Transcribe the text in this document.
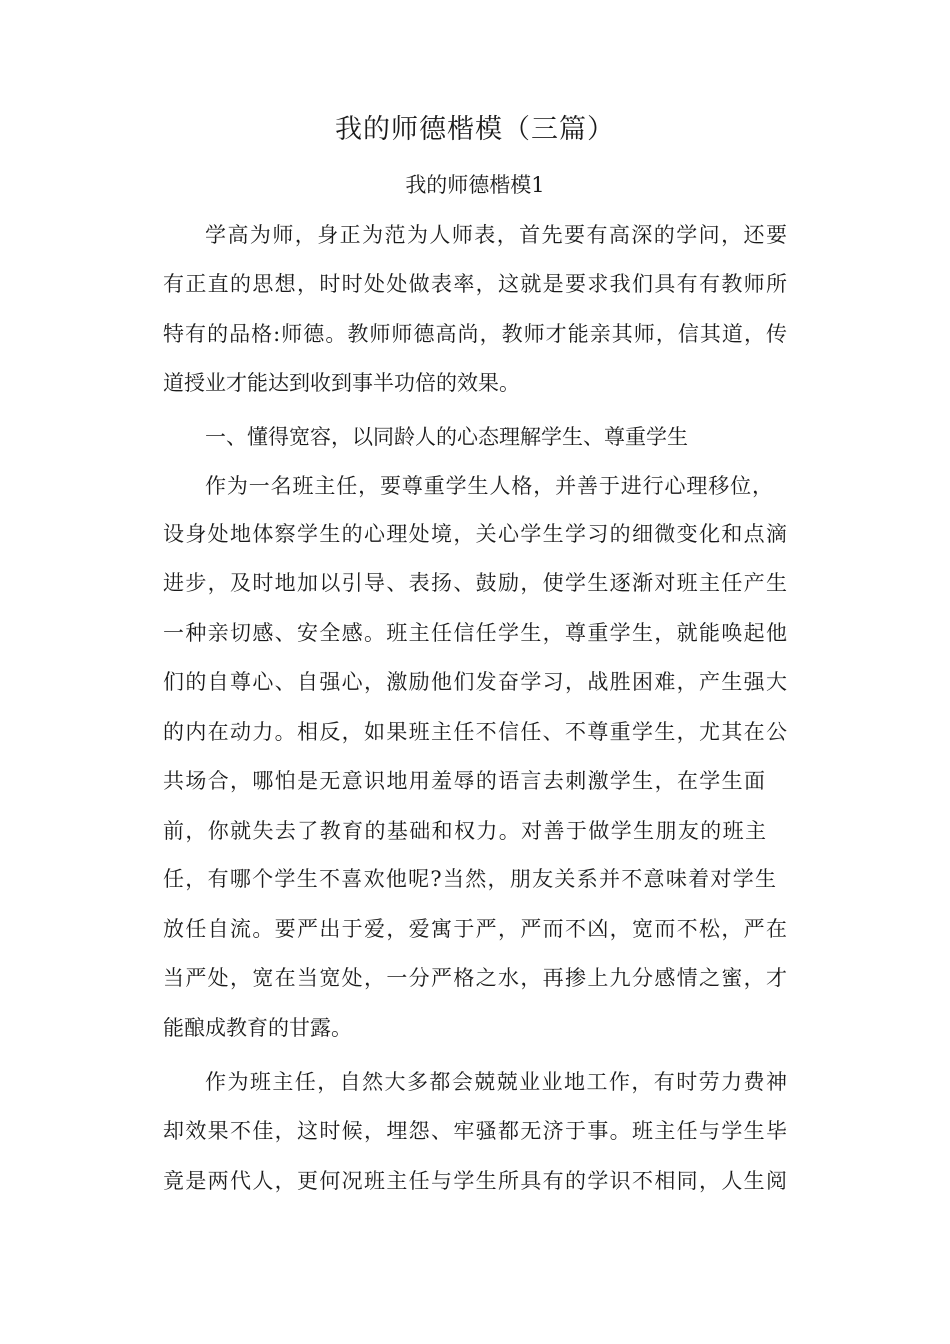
我的师德楷模（三篇）
我的师德楷模1
学高为师，身正为范为人师表，首先要有高深的学问，还要
有正直的思想，时时处处做表率，这就是要求我们具有有教师所
特有的品格:师德。教师师德高尚，教师才能亲其师，信其道，传
道授业才能达到收到事半功倍的效果。
一、懂得宽容，以同龄人的心态理解学生、尊重学生
作为一名班主任，要尊重学生人格，并善于进行心理移位，
设身处地体察学生的心理处境，关心学生学习的细微变化和点滴
进步，及时地加以引导、表扬、鼓励，使学生逐渐对班主任产生
一种亲切感、安全感。班主任信任学生，尊重学生，就能唤起他
们的自尊心、自强心，激励他们发奋学习，战胜困难，产生强大
的内在动力。相反，如果班主任不信任、不尊重学生，尤其在公
共场合，哪怕是无意识地用羞辱的语言去刺激学生，在学生面
前，你就失去了教育的基础和权力。对善于做学生朋友的班主
任，有哪个学生不喜欢他呢?当然，朋友关系并不意味着对学生
放任自流。要严出于爱，爱寓于严，严而不凶，宽而不松，严在
当严处，宽在当宽处，一分严格之水，再掺上九分感情之蜜，才
能酿成教育的甘露。
作为班主任，自然大多都会兢兢业业地工作，有时劳力费神
却效果不佳，这时候，埋怨、牢骚都无济于事。班主任与学生毕
竟是两代人，更何况班主任与学生所具有的学识不相同，人生阅
